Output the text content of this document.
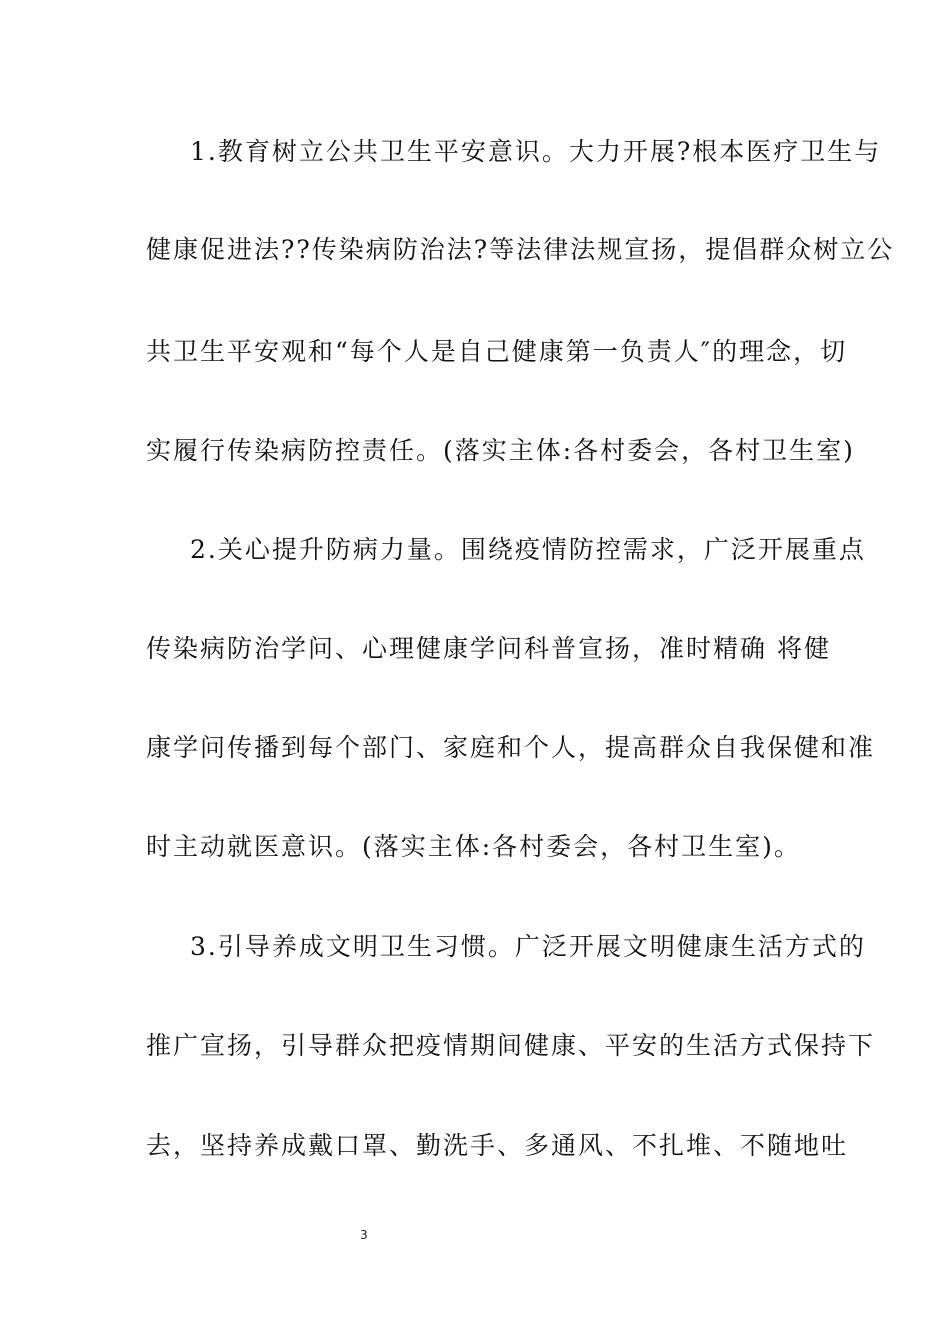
1.教育树立公共卫生平安意识。大力开展?根本医疗卫生与
健康促进法??传染病防治法?等法律法规宣扬，提倡群众树立公
共卫生平安观和“每个人是自己健康第一负责人″的理念，切
实履行传染病防控责任。(落实主体:各村委会，各村卫生室)
2.关心提升防病力量。围绕疫情防控需求，广泛开展重点
传染病防治学问、心理健康学问科普宣扬，准时精确 将健
康学问传播到每个部门、家庭和个人，提高群众自我保健和准
时主动就医意识。(落实主体:各村委会，各村卫生室)。
3.引导养成文明卫生习惯。广泛开展文明健康生活方式的
推广宣扬，引导群众把疫情期间健康、平安的生活方式保持下
去，坚持养成戴口罩、勤洗手、多通风、不扎堆、不随地吐
3
